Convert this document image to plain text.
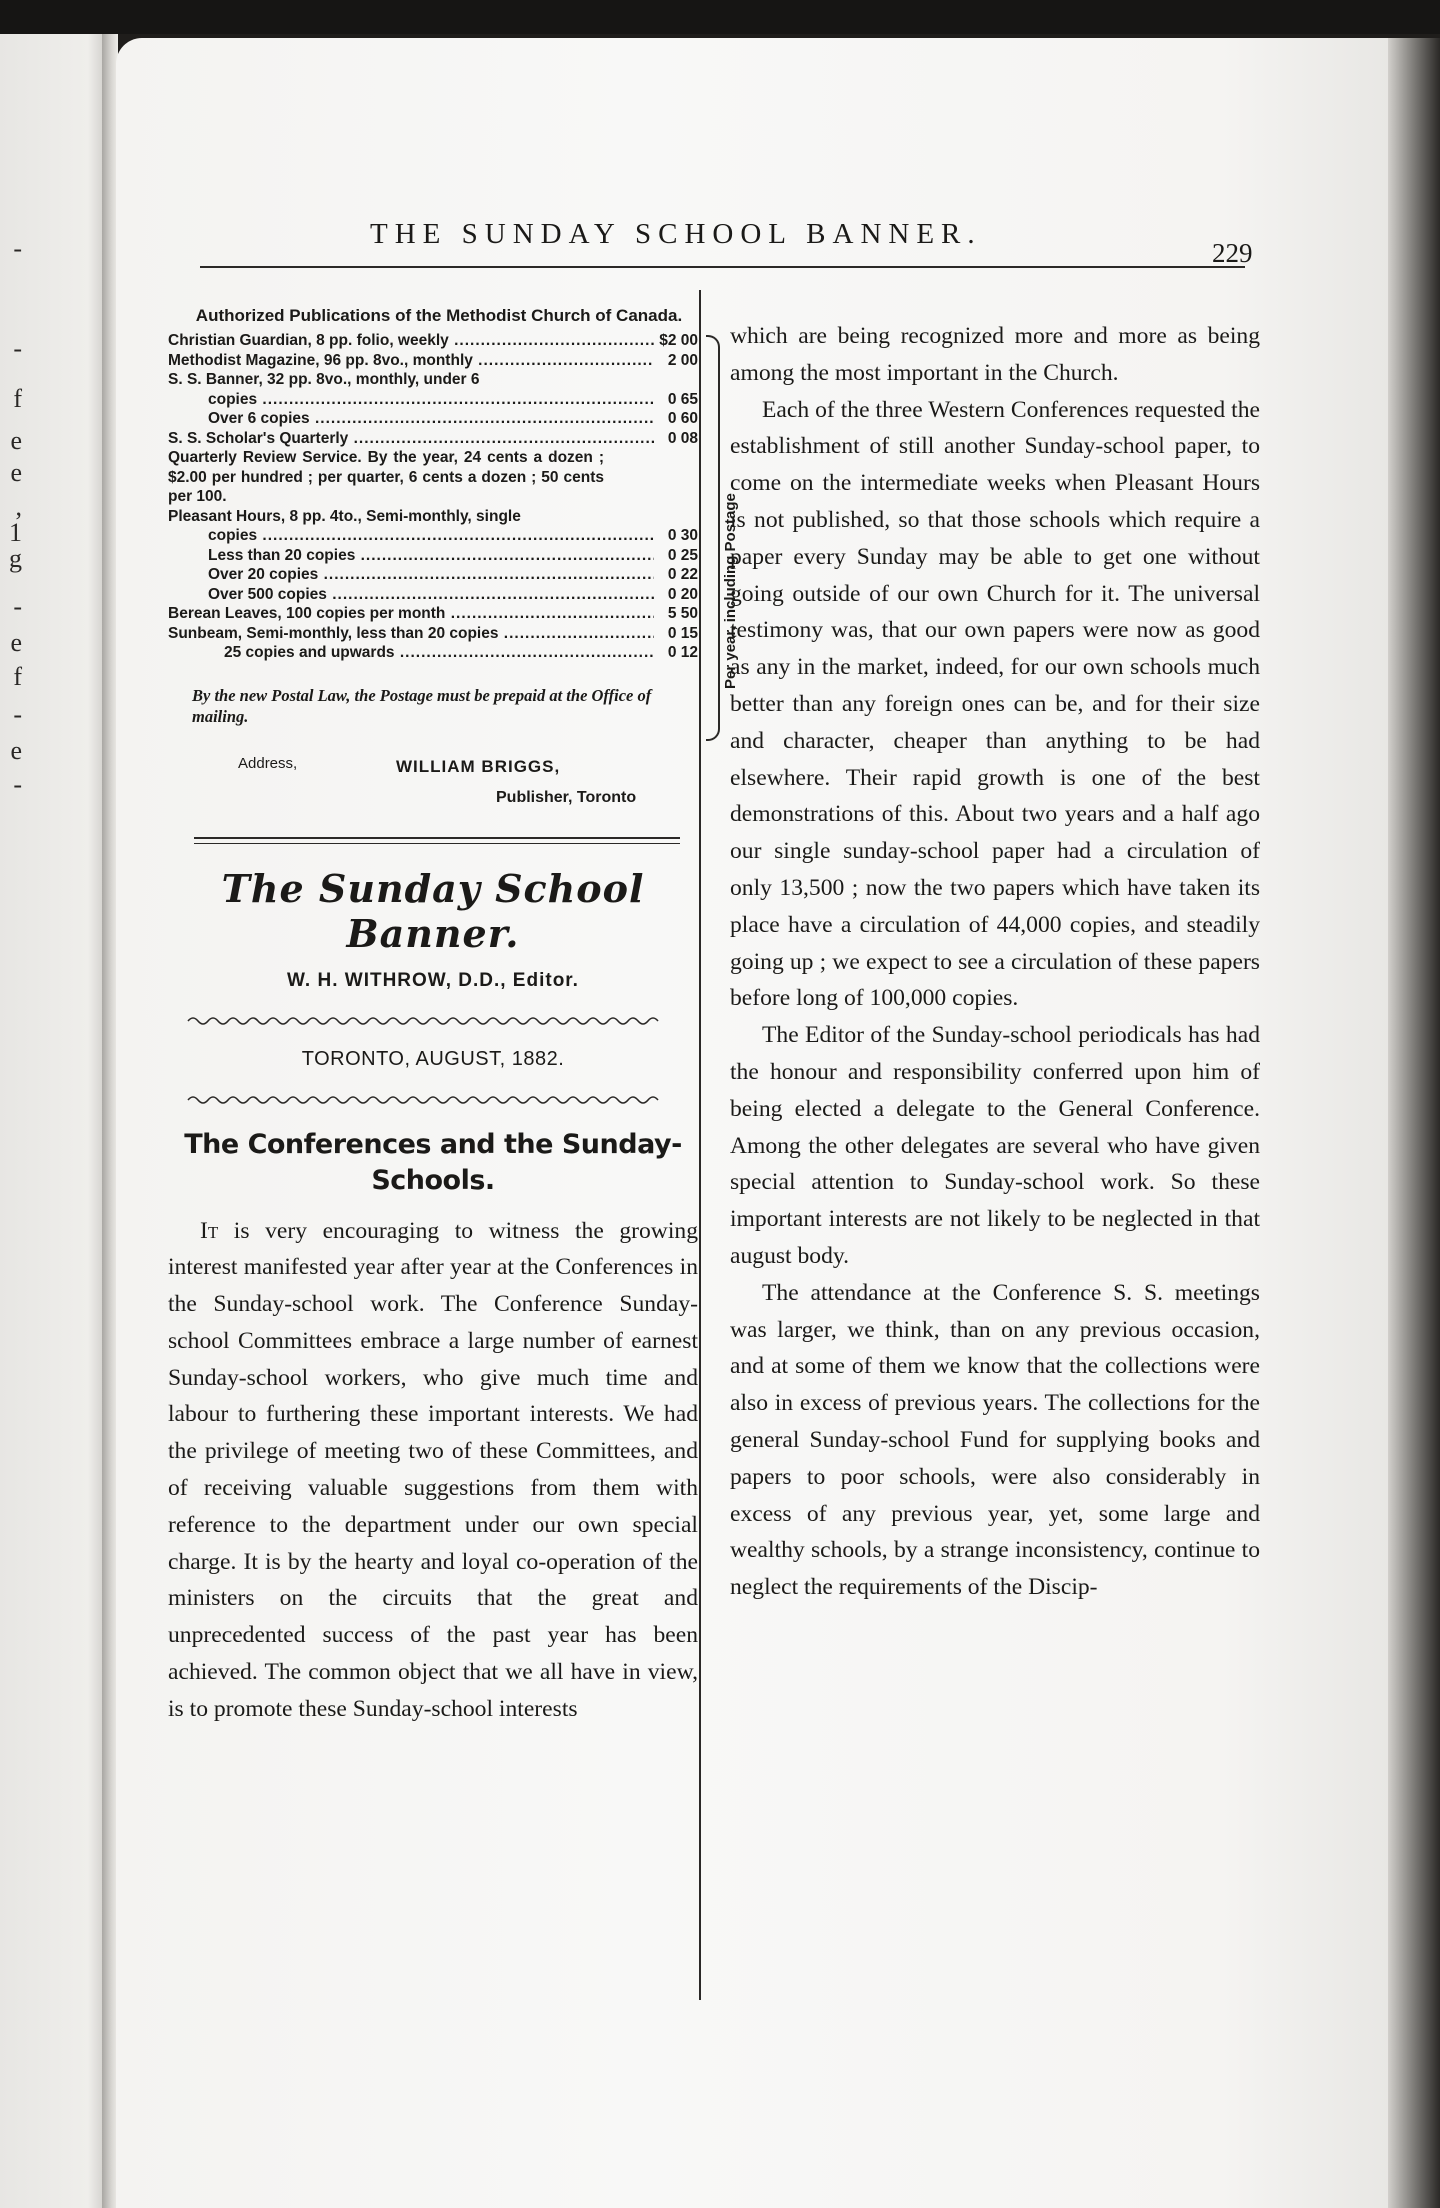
-
-
f
e
e
,
1
g
-
e
f
-
e
-
THE SUNDAY SCHOOL BANNER.
229
Authorized Publications of the Methodist Church of Canada.
Christian Guardian, 8 pp. folio, weekly .....	$2 00
Methodist Magazine, 96 pp. 8vo., monthly .....	2 00
S. S. Banner, 32 pp. 8vo., monthly, under 6
copies .....	0 65
Over 6 copies .....	0 60
S. S. Scholar's Quarterly .....	0 08
Quarterly Review Service. By the year, 24 cents a dozen ; $2.00 per hundred ; per quarter, 6 cents a dozen ; 50 cents per 100.
Pleasant Hours, 8 pp. 4to., Semi-monthly, single
copies .....	0 30
Less than 20 copies .....	0 25
Over 20 copies .....	0 22
Over 500 copies .....	0 20
Berean Leaves, 100 copies per month .....	5 50
Sunbeam, Semi-monthly, less than 20 copies .....	0 15
25 copies and upwards .....	0 12 Per year, including Postage
By the new Postal Law, the Postage must be prepaid at the Office of mailing.
Address,	WILLIAM BRIGGS,
Publisher, Toronto
The Sunday School Banner.
W. H. WITHROW, D.D., Editor.
TORONTO, AUGUST, 1882.
The Conferences and the Sunday-
Schools.

It is very encouraging to witness the growing interest manifested year after year at the Conferences in the Sunday-school work. The Conference Sunday-school Committees embrace a large number of earnest Sunday-school workers, who give much time and labour to furthering these important interests. We had the privilege of meeting two of these Committees, and of receiving valuable suggestions from them with reference to the department under our own special charge. It is by the hearty and loyal co-operation of the ministers on the circuits that the great and unprecedented success of the past year has been achieved. The common object that we all have in view, is to promote these Sunday-school interests

which are being recognized more and more as being among the most important in the Church.

Each of the three Western Conferences requested the establishment of still another Sunday-school paper, to come on the intermediate weeks when Pleasant Hours is not published, so that those schools which require a paper every Sunday may be able to get one without going outside of our own Church for it. The universal testimony was, that our own papers were now as good as any in the market, indeed, for our own schools much better than any foreign ones can be, and for their size and character, cheaper than anything to be had elsewhere. Their rapid growth is one of the best demonstrations of this. About two years and a half ago our single sunday-school paper had a circulation of only 13,500 ; now the two papers which have taken its place have a circulation of 44,000 copies, and steadily going up ; we expect to see a circulation of these papers before long of 100,000 copies.

The Editor of the Sunday-school periodicals has had the honour and responsibility conferred upon him of being elected a delegate to the General Conference. Among the other delegates are several who have given special attention to Sunday-school work. So these important interests are not likely to be neglected in that august body.

The attendance at the Conference S. S. meetings was larger, we think, than on any previous occasion, and at some of them we know that the collections were also in excess of previous years. The collections for the general Sunday-school Fund for supplying books and papers to poor schools, were also considerably in excess of any previous year, yet, some large and wealthy schools, by a strange inconsistency, continue to neglect the requirements of the Discip-
